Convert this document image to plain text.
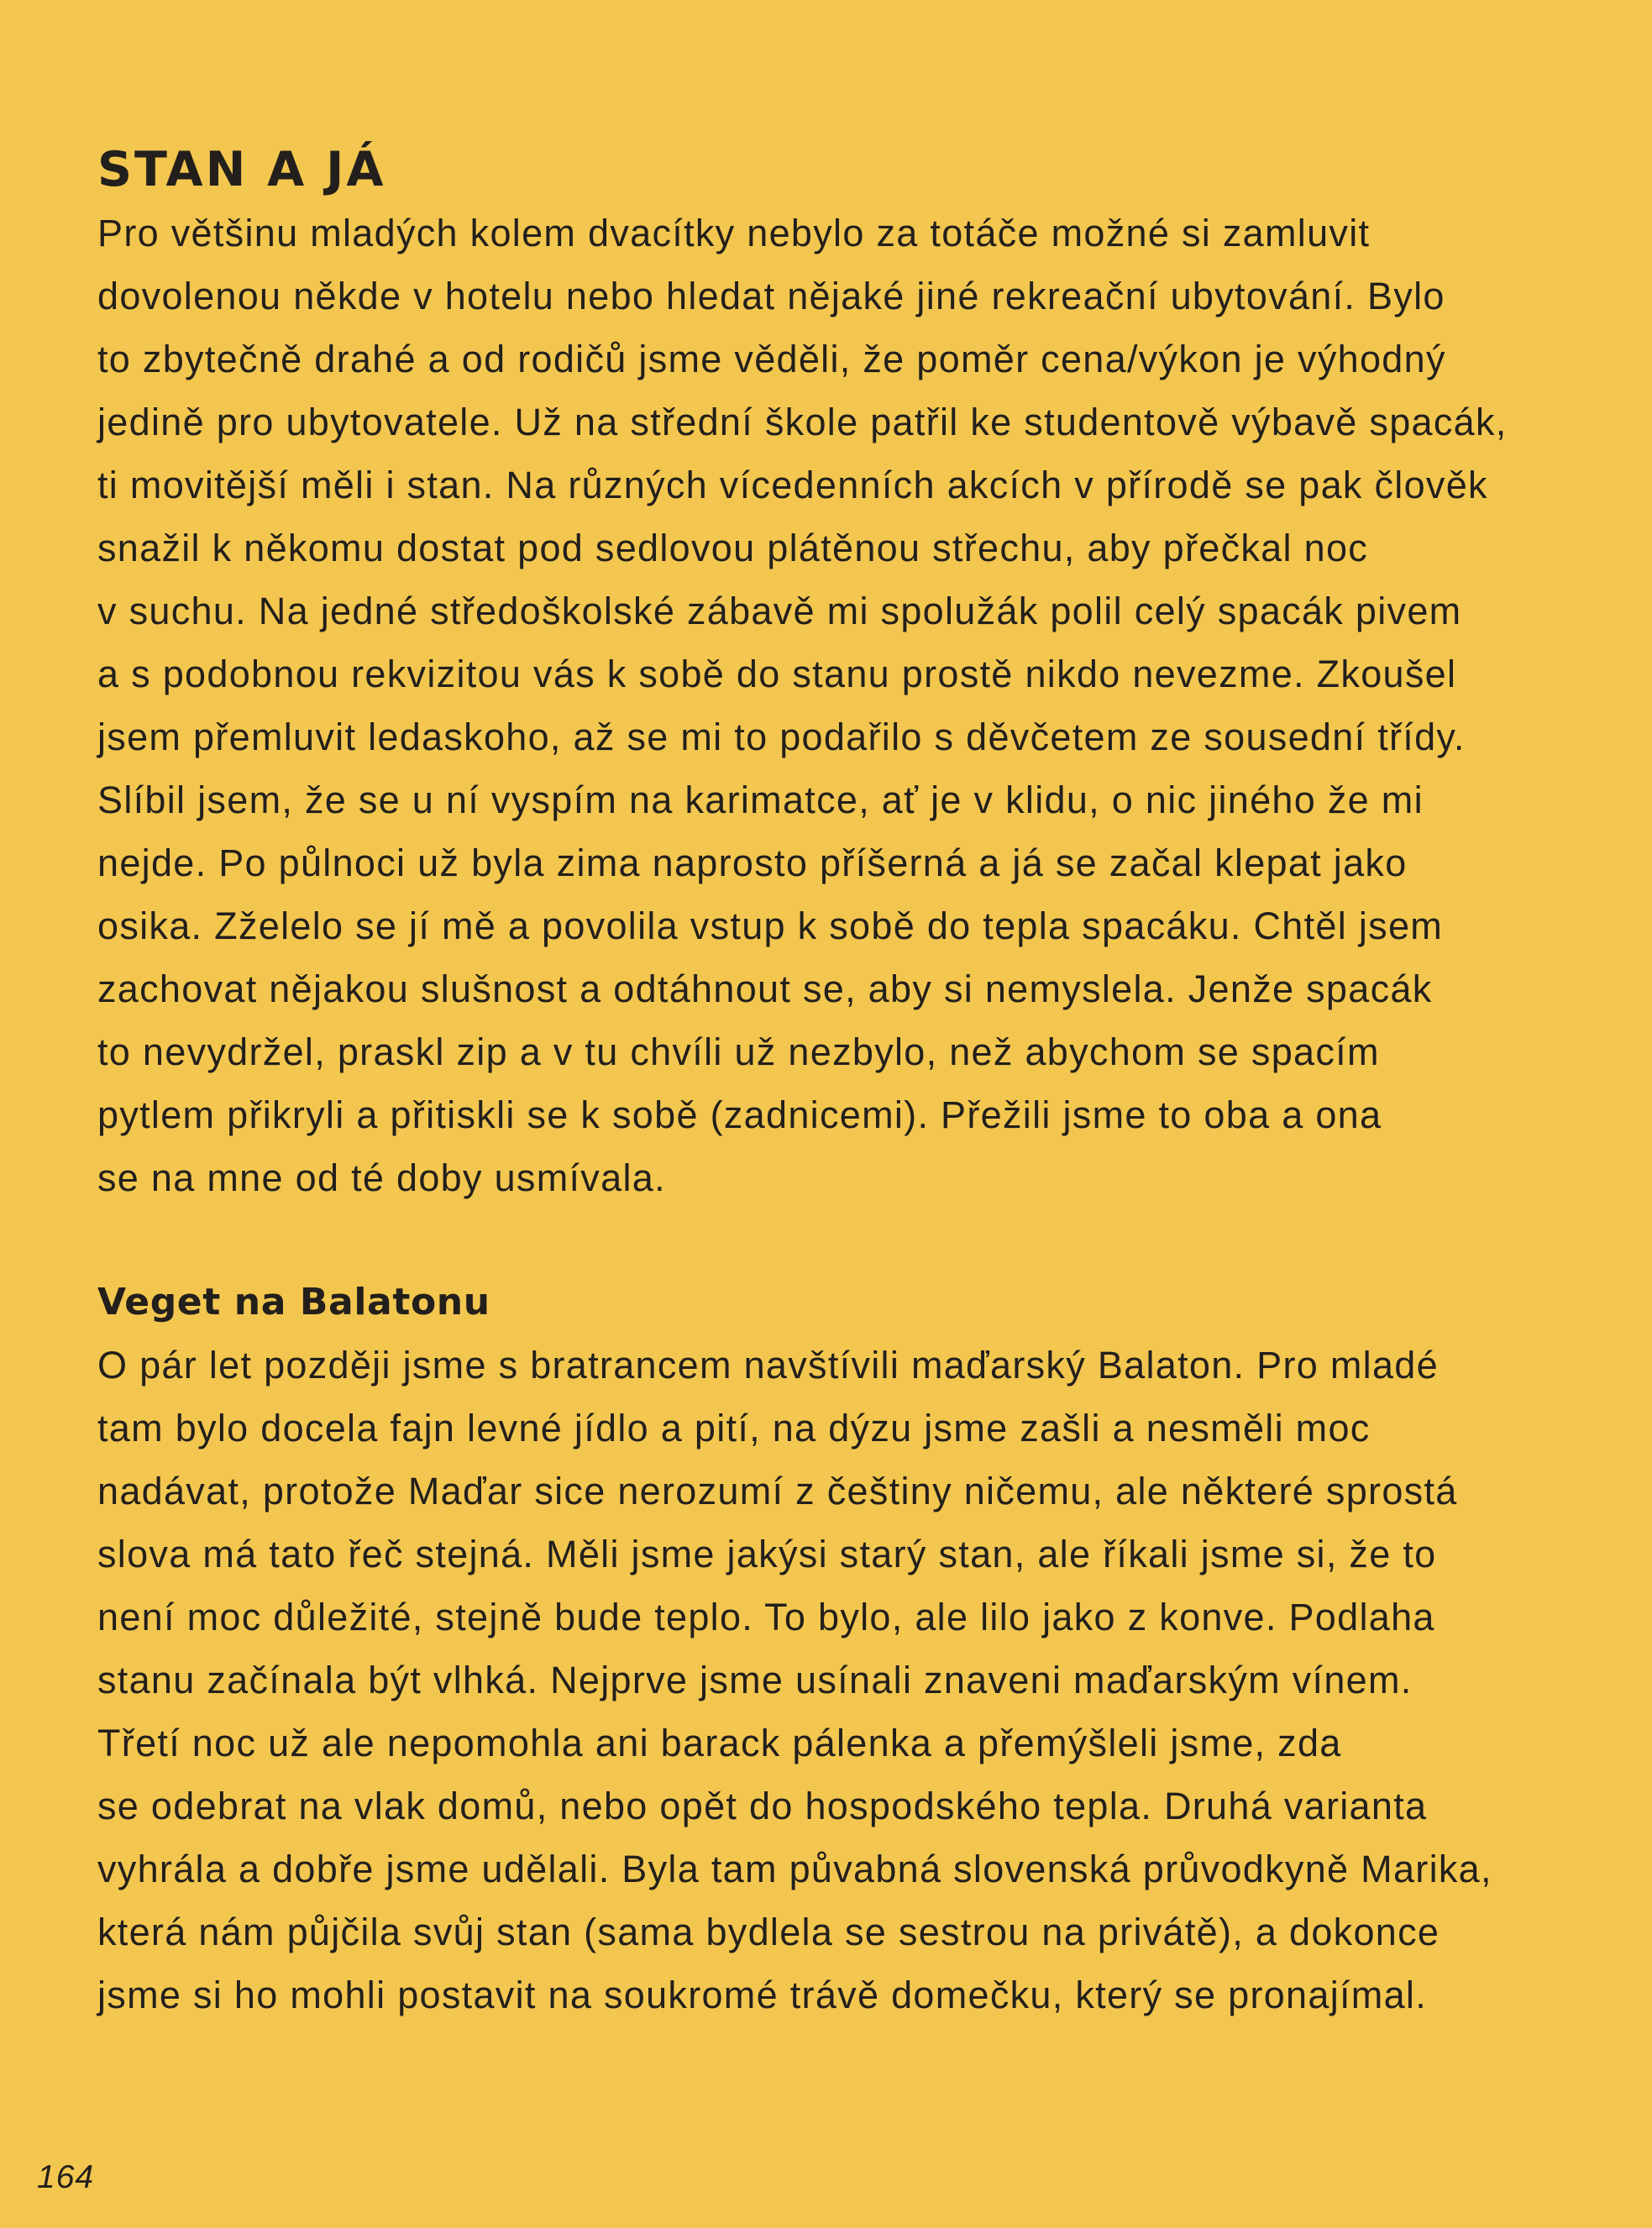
STAN A JÁ

Pro většinu mladých kolem dvacítky nebylo za totáče možné si zamluvit
dovolenou někde v hotelu nebo hledat nějaké jiné rekreační ubytování. Bylo
to zbytečně drahé a od rodičů jsme věděli, že poměr cena/výkon je výhodný
jedině pro ubytovatele. Už na střední škole patřil ke studentově výbavě spacák,
ti movitější měli i stan. Na různých vícedenních akcích v přírodě se pak člověk
snažil k někomu dostat pod sedlovou plátěnou střechu, aby přečkal noc
v suchu. Na jedné středoškolské zábavě mi spolužák polil celý spacák pivem
a s podobnou rekvizitou vás k sobě do stanu prostě nikdo nevezme. Zkoušel
jsem přemluvit ledaskoho, až se mi to podařilo s děvčetem ze sousední třídy.
Slíbil jsem, že se u ní vyspím na karimatce, ať je v klidu, o nic jiného že mi
nejde. Po půlnoci už byla zima naprosto příšerná a já se začal klepat jako
osika. Zželelo se jí mě a povolila vstup k sobě do tepla spacáku. Chtěl jsem
zachovat nějakou slušnost a odtáhnout se, aby si nemyslela. Jenže spacák
to nevydržel, praskl zip a v tu chvíli už nezbylo, než abychom se spacím
pytlem přikryli a přitiskli se k sobě (zadnicemi). Přežili jsme to oba a ona
se na mne od té doby usmívala.

Veget na Balatonu

O pár let později jsme s bratrancem navštívili maďarský Balaton. Pro mladé
tam bylo docela fajn levné jídlo a pití, na dýzu jsme zašli a nesměli moc
nadávat, protože Maďar sice nerozumí z češtiny ničemu, ale některé sprostá
slova má tato řeč stejná. Měli jsme jakýsi starý stan, ale říkali jsme si, že to
není moc důležité, stejně bude teplo. To bylo, ale lilo jako z konve. Podlaha
stanu začínala být vlhká. Nejprve jsme usínali znaveni maďarským vínem.
Třetí noc už ale nepomohla ani barack pálenka a přemýšleli jsme, zda
se odebrat na vlak domů, nebo opět do hospodského tepla. Druhá varianta
vyhrála a dobře jsme udělali. Byla tam půvabná slovenská průvodkyně Marika,
která nám půjčila svůj stan (sama bydlela se sestrou na privátě), a dokonce
jsme si ho mohli postavit na soukromé trávě domečku, který se pronajímal.

164
